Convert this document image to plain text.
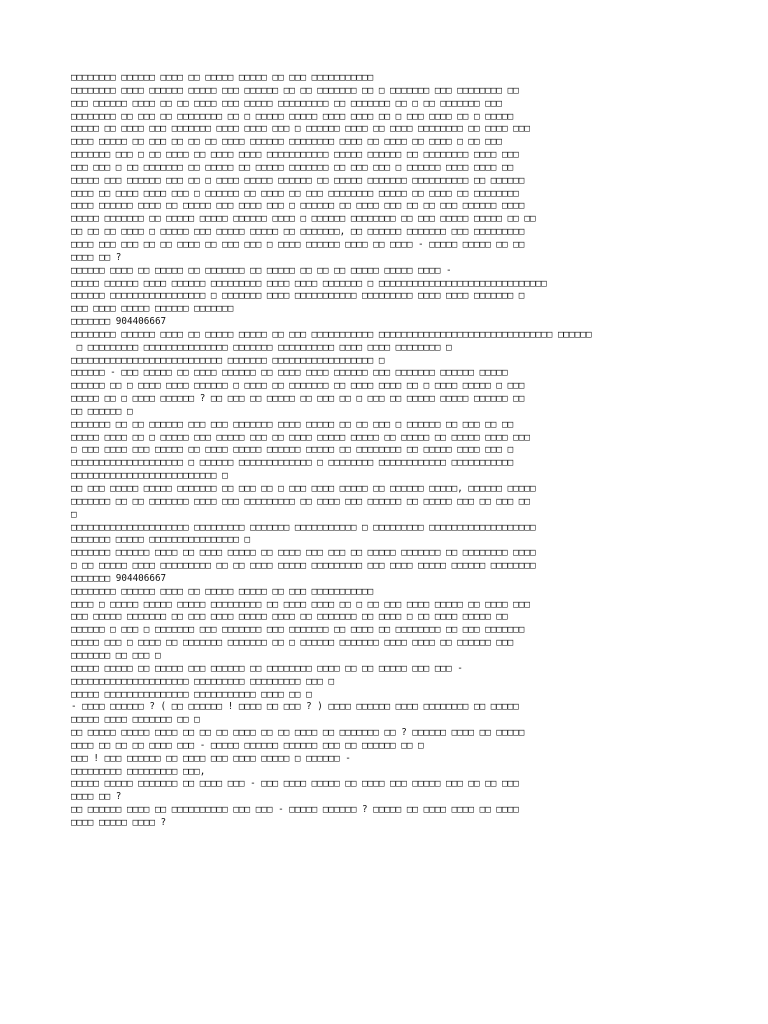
□□□□□□□□ □□□□□□ □□□□ □□ □□□□□ □□□□□ □□ □□□ □□□□□□□□□□□
□□□□□□□□ □□□□ □□□□□□ □□□□□ □□□ □□□□□□ □□ □□ □□□□□□□ □□ □ □□□□□□□ □□□ □□□□□□□□ □□
□□□ □□□□□□ □□□□ □□ □□ □□□□ □□□ □□□□□ □□□□□□□□□ □□ □□□□□□□ □□ □ □□ □□□□□□□ □□□
□□□□□□□□ □□ □□□ □□ □□□□□□□□ □□ □ □□□□□ □□□□□ □□□□ □□□□ □□ □ □□□ □□□□ □□ □ □□□□□
□□□□□ □□ □□□□ □□□ □□□□□□□ □□□□ □□□□ □□□ □ □□□□□□ □□□□ □□ □□□□ □□□□□□□□ □□ □□□□ □□□
□□□□ □□□□□ □□ □□□ □□ □□ □□ □□□□ □□□□□□ □□□□□□□□ □□□□ □□ □□□□ □□ □□□□ □ □□ □□□
□□□□□□□ □□□ □ □□ □□□□ □□ □□□□ □□□□ □□□□□□□□□□□ □□□□□ □□□□□□ □□ □□□□□□□□ □□□□ □□□
□□□ □□□ □ □□ □□□□□□□ □□ □□□□□ □□ □□□□□ □□□□□□□ □□ □□□ □□□ □ □□□□□□ □□□□ □□□□ □□
□□□□□ □□□ □□□□□□ □□□ □□ □ □□□□ □□□□□ □□□□□□ □□ □□□□□ □□□□□□□ □□□□□□□□□□ □□ □□□□□□
□□□□ □□ □□□□ □□□□ □□□ □ □□□□□□ □□ □□□□ □□ □□□ □□□□□□□□ □□□□□ □□ □□□□ □□ □□□□□□□□
□□□□ □□□□□□ □□□□ □□ □□□□□ □□□ □□□□ □□□ □ □□□□□□ □□ □□□□ □□□ □□ □□ □□□ □□□□□□ □□□□
□□□□□ □□□□□□□ □□ □□□□□ □□□□□ □□□□□□ □□□□ □ □□□□□□ □□□□□□□□ □□ □□□ □□□□□ □□□□□ □□ □□
□□ □□ □□ □□□□ □ □□□□□ □□□ □□□□□ □□□□□ □□ □□□□□□□, □□ □□□□□□ □□□□□□□ □□□ □□□□□□□□□
□□□□ □□□ □□□ □□ □□ □□□□ □□ □□□ □□□ □ □□□□ □□□□□□ □□□□ □□ □□□□ - □□□□□ □□□□□ □□ □□
□□□□ □□ ?
□□□□□□ □□□□ □□ □□□□□ □□ □□□□□□□ □□ □□□□□ □□ □□ □□ □□□□□ □□□□□ □□□□ -
□□□□□ □□□□□□ □□□□ □□□□□□ □□□□□□□□□ □□□□ □□□□ □□□□□□□ □ □□□□□□□□□□□□□□□□□□□□□□□□□□□□□□
□□□□□□ □□□□□□□□□□□□□□□□□ □ □□□□□□□ □□□□ □□□□□□□□□□□ □□□□□□□□□ □□□□ □□□□ □□□□□□□ □
□□□ □□□□ □□□□□ □□□□□□ □□□□□□□
□□□□□□□ 904406667
□□□□□□□□ □□□□□□ □□□□ □□ □□□□□ □□□□□ □□ □□□ □□□□□□□□□□□ □□□□□□□□□□□□□□□□□□□□□□□□□□□□□□□ □□□□□□
□ □□□□□□□□□ □□□□□□□□□□□□□□□ □□□□□□□ □□□□□□□□□□ □□□□ □□□□ □□□□□□□□ □
□□□□□□□□□□□□□□□□□□□□□□□□□□□ □□□□□□□ □□□□□□□□□□□□□□□□□□ □
□□□□□□ - □□□ □□□□□ □□ □□□□ □□□□□□ □□ □□□□ □□□□ □□□□□□ □□□ □□□□□□□ □□□□□□ □□□□□
□□□□□□ □□ □ □□□□ □□□□ □□□□□□ □ □□□□ □□ □□□□□□□ □□ □□□□ □□□□ □□ □ □□□□ □□□□□ □ □□□
□□□□□ □□ □ □□□□ □□□□□□ ? □□ □□□ □□ □□□□□ □□ □□□ □□ □ □□□ □□ □□□□□ □□□□□ □□□□□□ □□
□□ □□□□□□ □
□□□□□□□ □□ □□ □□□□□□ □□□ □□□ □□□□□□□ □□□□ □□□□□ □□ □□ □□□ □ □□□□□□ □□ □□□ □□ □□
□□□□□ □□□□ □□ □ □□□□□ □□□ □□□□□ □□□ □□ □□□□ □□□□□ □□□□□ □□ □□□□□ □□ □□□□□ □□□□ □□□
□ □□□ □□□□ □□□ □□□□□ □□ □□□□ □□□□□ □□□□□□ □□□□□ □□ □□□□□□□□ □□ □□□□□ □□□□ □□□ □
□□□□□□□□□□□□□□□□□□□□ □ □□□□□□ □□□□□□□□□□□□□ □ □□□□□□□□ □□□□□□□□□□□□ □□□□□□□□□□□
□□□□□□□□□□□□□□□□□□□□□□□□□□ □
□□ □□□ □□□□□ □□□□□ □□□□□□□ □□ □□□ □□ □ □□□ □□□□ □□□□□ □□ □□□□□□ □□□□□, □□□□□□ □□□□□
□□□□□□□ □□ □□ □□□□□□□ □□□□ □□□ □□□□□□□□□ □□ □□□□ □□□ □□□□□□ □□ □□□□□ □□□ □□ □□□ □□
□
□□□□□□□□□□□□□□□□□□□□□ □□□□□□□□□ □□□□□□□ □□□□□□□□□□□ □ □□□□□□□□□ □□□□□□□□□□□□□□□□□□□
□□□□□□□ □□□□□ □□□□□□□□□□□□□□□□ □
□□□□□□□ □□□□□□ □□□□ □□ □□□□ □□□□□ □□ □□□□ □□□ □□□ □□ □□□□□ □□□□□□□ □□ □□□□□□□□ □□□□
□ □□ □□□□□ □□□□ □□□□□□□□□ □□ □□ □□□□ □□□□□ □□□□□□□□□ □□□ □□□□ □□□□□ □□□□□□ □□□□□□□□
□□□□□□□ 904406667
□□□□□□□□ □□□□□□ □□□□ □□ □□□□□ □□□□□ □□ □□□ □□□□□□□□□□□
□□□□ □ □□□□□ □□□□□ □□□□□ □□□□□□□□□ □□ □□□□ □□□□ □□ □ □□ □□□ □□□□ □□□□□ □□ □□□□ □□□
□□□ □□□□□ □□□□□□□ □□ □□□ □□□□ □□□□□ □□□□ □□ □□□□□□□ □□ □□□□ □ □□ □□□□ □□□□□ □□
□□□□□□ □ □□□ □ □□□□□□□ □□□ □□□□□□□ □□□ □□□□□□□ □□ □□□□ □□ □□□□□□□□ □□ □□□ □□□□□□□
□□□□□ □□□ □ □□□□ □□ □□□□□□□ □□□□□□□ □□ □ □□□□□□ □□□□□□□ □□□□ □□□□ □□ □□□□□□ □□□
□□□□□□□ □□ □□□ □
□□□□□ □□□□□ □□ □□□□□ □□□ □□□□□□ □□ □□□□□□□□ □□□□ □□ □□ □□□□□ □□□ □□□ -
□□□□□□□□□□□□□□□□□□□□□ □□□□□□□□□ □□□□□□□□□ □□□ □
□□□□□ □□□□□□□□□□□□□□□ □□□□□□□□□□□ □□□□ □□ □
- □□□□ □□□□□□ ? ( □□ □□□□□□ ! □□□□ □□ □□□ ? ) □□□□ □□□□□□ □□□□ □□□□□□□□ □□ □□□□□
□□□□□ □□□□ □□□□□□□ □□ □
□□ □□□□□ □□□□□ □□□□ □□ □□ □□ □□□□ □□ □□ □□□□ □□ □□□□□□□ □□ ? □□□□□□ □□□□ □□ □□□□□
□□□□ □□ □□ □□ □□□□ □□□ - □□□□□ □□□□□□ □□□□□□ □□□ □□ □□□□□□ □□ □
□□□ ! □□□ □□□□□□ □□ □□□□ □□□ □□□□ □□□□□ □ □□□□□□ -
□□□□□□□□□ □□□□□□□□□ □□□,
□□□□□ □□□□□ □□□□□□□ □□ □□□□ □□□ - □□□ □□□□ □□□□□ □□ □□□□ □□□ □□□□□ □□□ □□ □□ □□□
□□□□ □□ ?
□□ □□□□□□ □□□□ □□ □□□□□□□□□□ □□□ □□□ - □□□□□ □□□□□□ ? □□□□□ □□ □□□□ □□□□ □□ □□□□
□□□□ □□□□□ □□□□ ?
